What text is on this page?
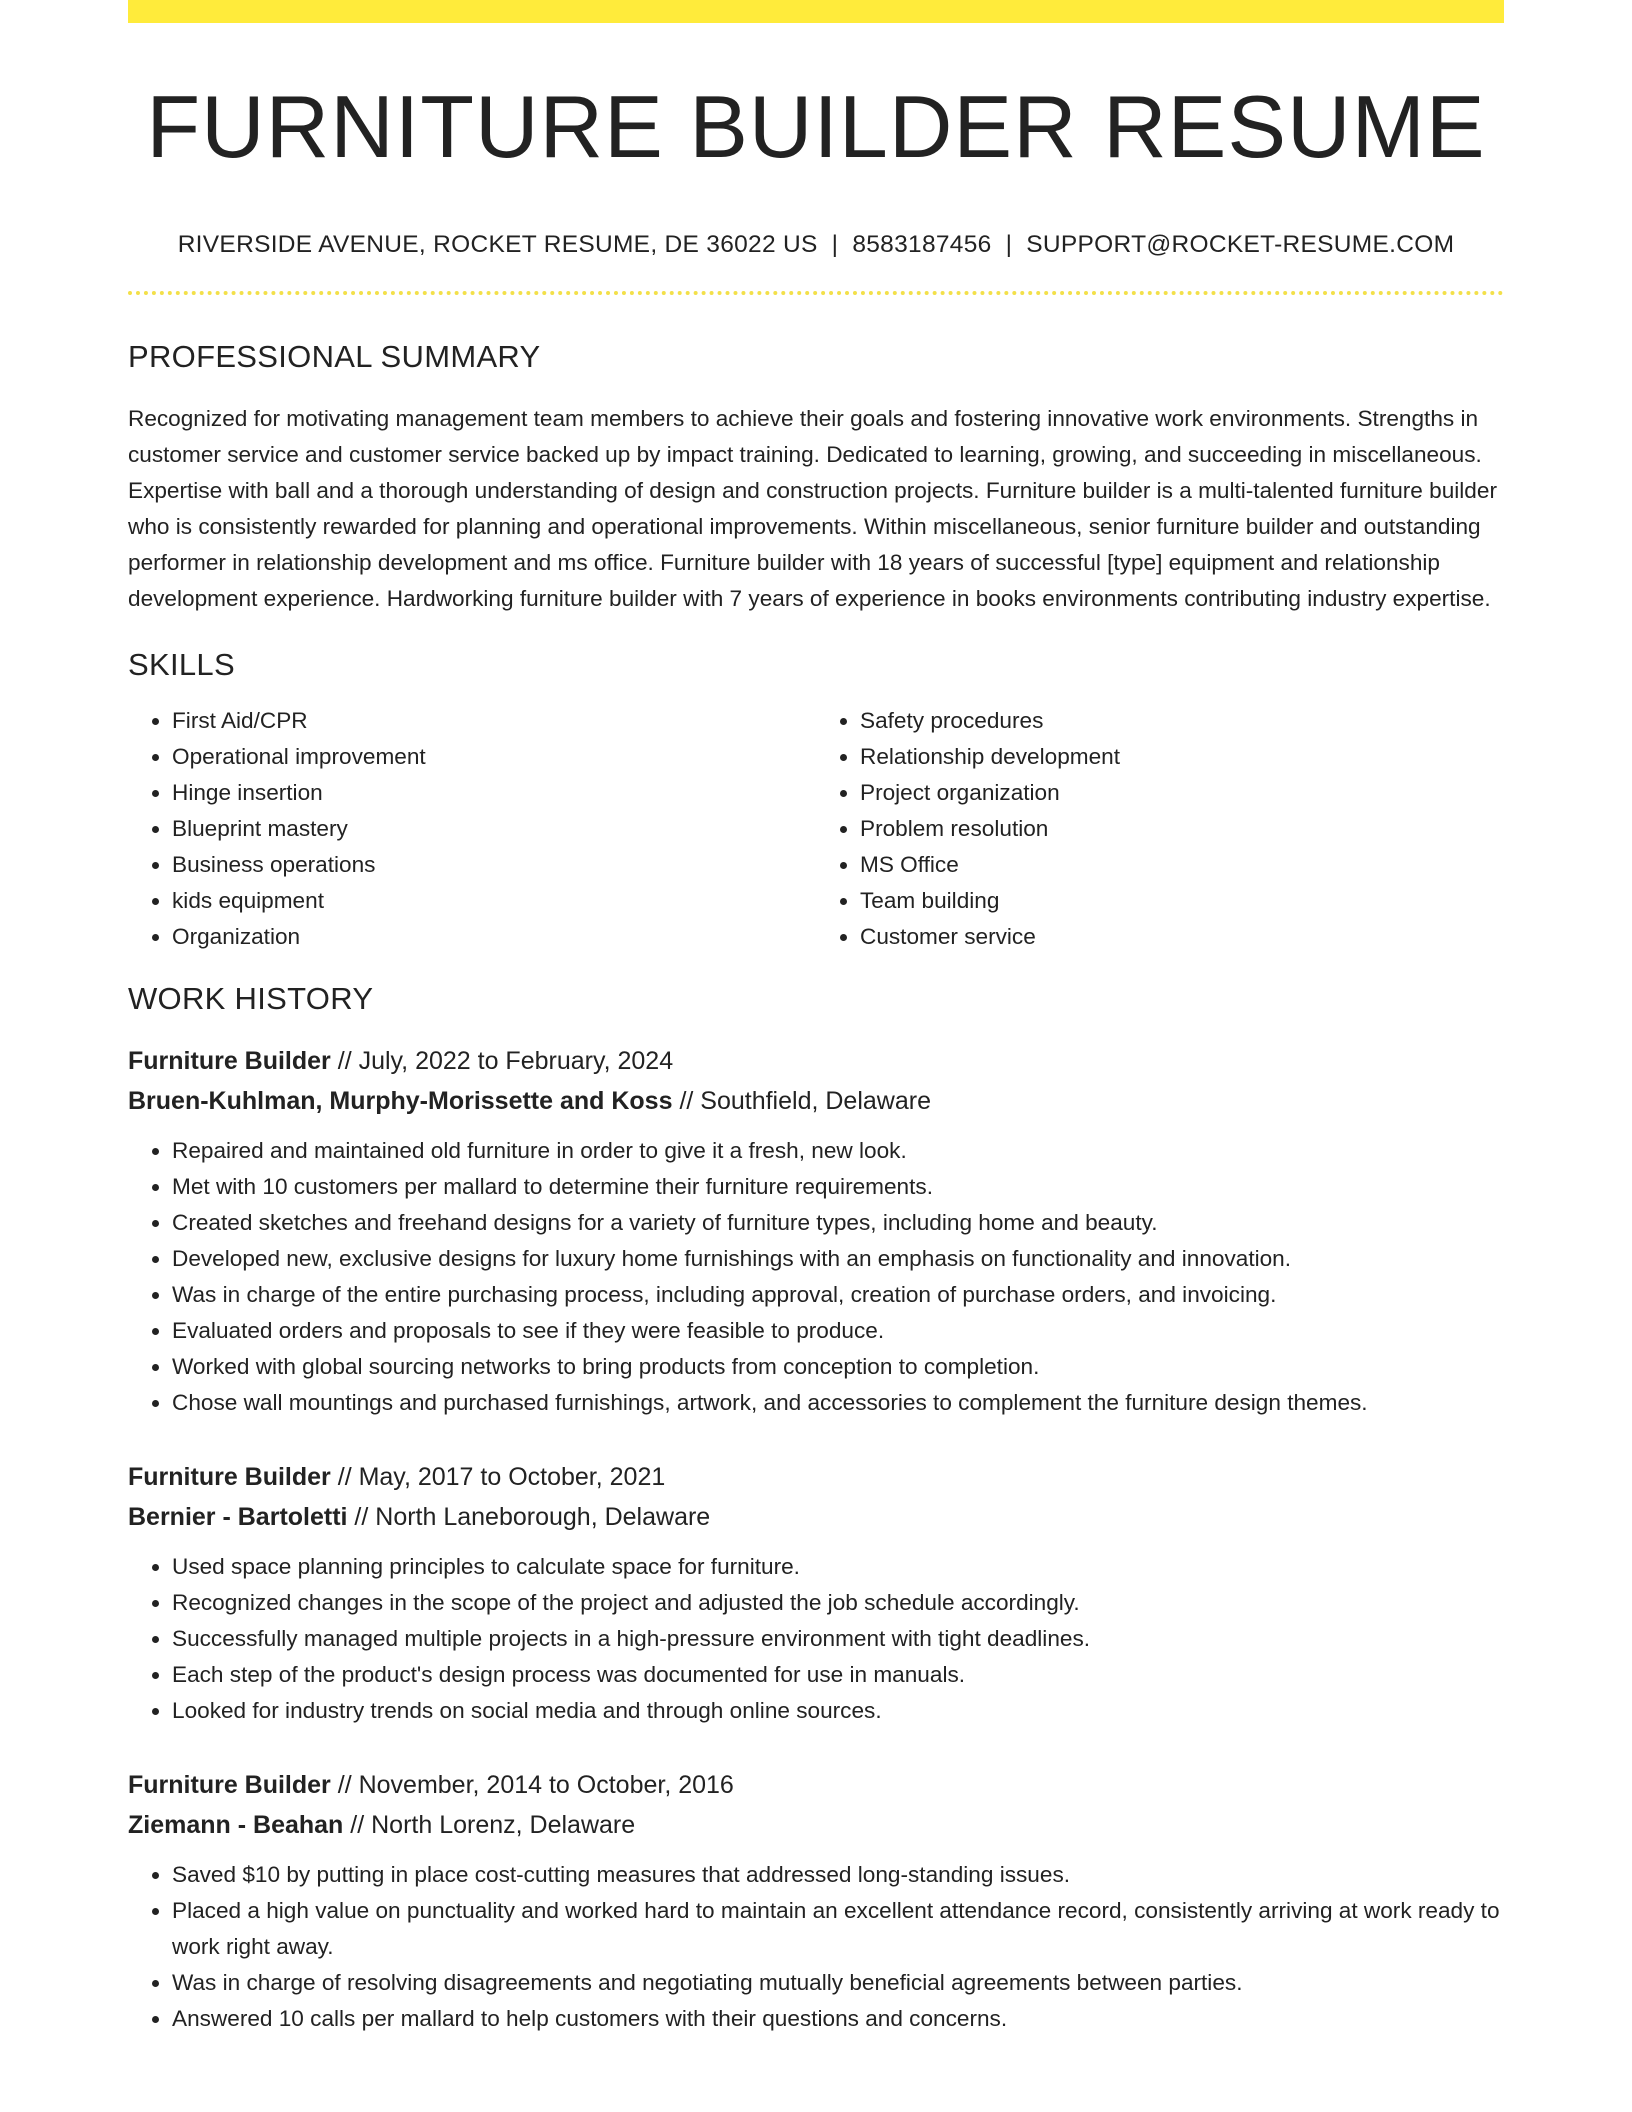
FURNITURE BUILDER RESUME
RIVERSIDE AVENUE, ROCKET RESUME, DE 36022 US | 8583187456 | SUPPORT@ROCKET-RESUME.COM
PROFESSIONAL SUMMARY

Recognized for motivating management team members to achieve their goals and fostering innovative work environments. Strengths in customer service and customer service backed up by impact training. Dedicated to learning, growing, and succeeding in miscellaneous. Expertise with ball and a thorough understanding of design and construction projects. Furniture builder is a multi-talented furniture builder who is consistently rewarded for planning and operational improvements. Within miscellaneous, senior furniture builder and outstanding performer in relationship development and ms office. Furniture builder with 18 years of successful [type] equipment and relationship development experience. Hardworking furniture builder with 7 years of experience in books environments contributing industry expertise.

SKILLS
• First Aid/CPR
• Operational improvement
• Hinge insertion
• Blueprint mastery
• Business operations
• kids equipment
• Organization
• Safety procedures
• Relationship development
• Project organization
• Problem resolution
• MS Office
• Team building
• Customer service
WORK HISTORY
Furniture Builder // July, 2022 to February, 2024
Bruen-Kuhlman, Murphy-Morissette and Koss // Southfield, Delaware
• Repaired and maintained old furniture in order to give it a fresh, new look.
• Met with 10 customers per mallard to determine their furniture requirements.
• Created sketches and freehand designs for a variety of furniture types, including home and beauty.
• Developed new, exclusive designs for luxury home furnishings with an emphasis on functionality and innovation.
• Was in charge of the entire purchasing process, including approval, creation of purchase orders, and invoicing.
• Evaluated orders and proposals to see if they were feasible to produce.
• Worked with global sourcing networks to bring products from conception to completion.
• Chose wall mountings and purchased furnishings, artwork, and accessories to complement the furniture design themes.
Furniture Builder // May, 2017 to October, 2021
Bernier - Bartoletti // North Laneborough, Delaware
• Used space planning principles to calculate space for furniture.
• Recognized changes in the scope of the project and adjusted the job schedule accordingly.
• Successfully managed multiple projects in a high-pressure environment with tight deadlines.
• Each step of the product's design process was documented for use in manuals.
• Looked for industry trends on social media and through online sources.
Furniture Builder // November, 2014 to October, 2016
Ziemann - Beahan // North Lorenz, Delaware
• Saved $10 by putting in place cost-cutting measures that addressed long-standing issues.
• Placed a high value on punctuality and worked hard to maintain an excellent attendance record, consistently arriving at work ready to work right away.
• Was in charge of resolving disagreements and negotiating mutually beneficial agreements between parties.
• Answered 10 calls per mallard to help customers with their questions and concerns.
